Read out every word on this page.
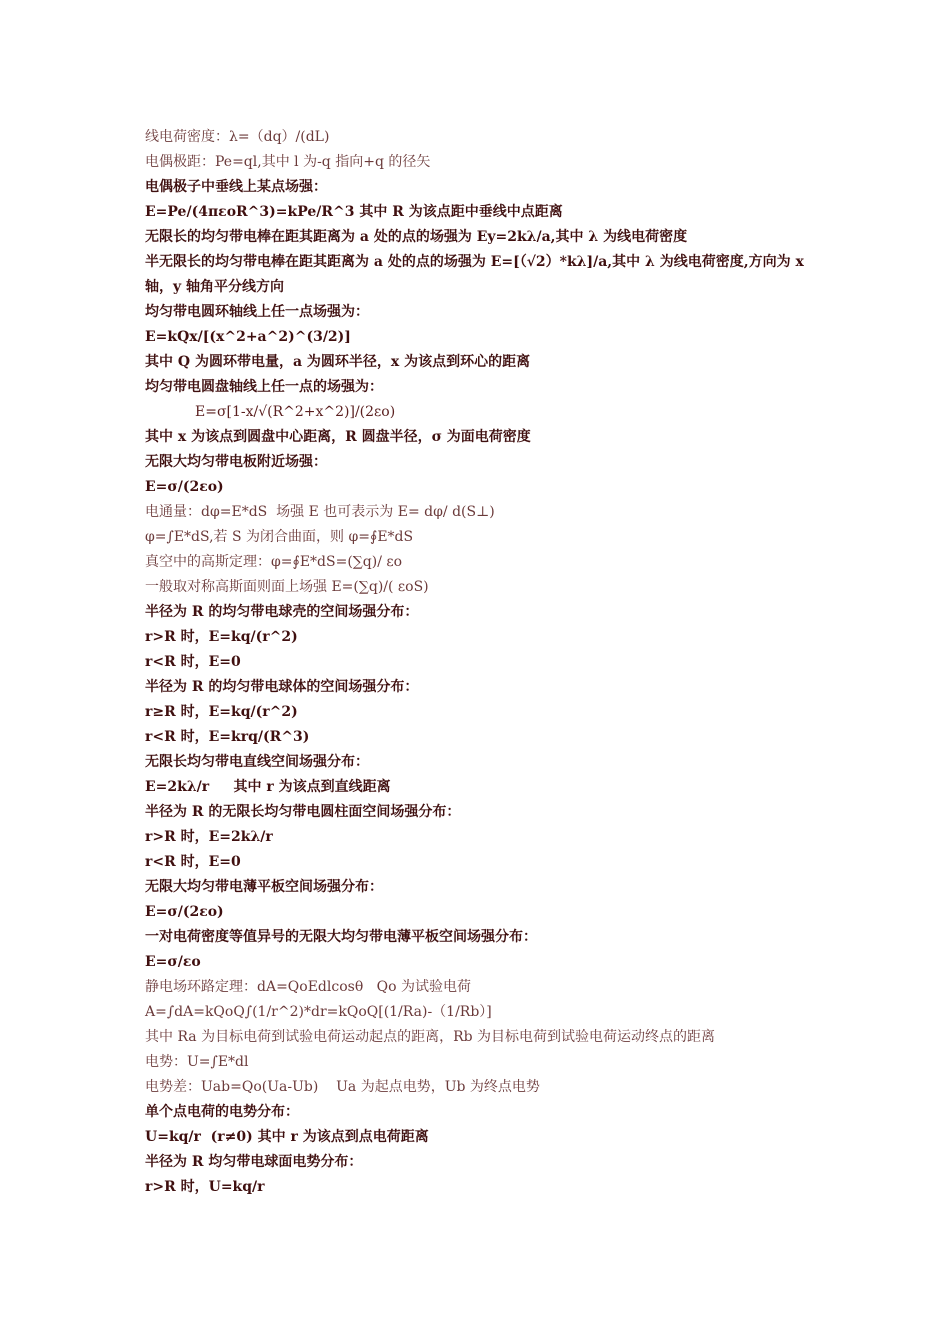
线电荷密度：λ=（dq）/(dL)

电偶极距：Pe=ql,其中 l 为-q 指向+q 的径矢

电偶极子中垂线上某点场强：

E=Pe/(4πεoR^3)=kPe/R^3 其中 R 为该点距中垂线中点距离

无限长的均匀带电棒在距其距离为 a 处的点的场强为 Ey=2kλ/a,其中 λ 为线电荷密度

半无限长的均匀带电棒在距其距离为 a 处的点的场强为 E=[（√2）*kλ]/a,其中 λ 为线电荷密度,方向为 x 轴，y 轴角平分线方向

均匀带电圆环轴线上任一点场强为：

E=kQx/[(x^2+a^2)^(3/2)]

其中 Q 为圆环带电量，a 为圆环半径，x 为该点到环心的距离

均匀带电圆盘轴线上任一点的场强为：

E=σ[1-x/√(R^2+x^2)]/(2εo)

其中 x 为该点到圆盘中心距离，R 圆盘半径，σ 为面电荷密度

无限大均匀带电板附近场强：

E=σ/(2εo)

电通量：dφ=E*dS  场强 E 也可表示为 E= dφ/ d(S⊥)

φ=∫E*dS,若 S 为闭合曲面，则 φ=∮E*dS

真空中的高斯定理：φ=∮E*dS=(∑q)/ εo

一般取对称高斯面则面上场强 E=(∑q)/( εoS)

半径为 R 的均匀带电球壳的空间场强分布：

r>R 时，E=kq/(r^2)

r<R 时，E=0

半径为 R 的均匀带电球体的空间场强分布：

r≥R 时，E=kq/(r^2)

r<R 时，E=krq/(R^3)

无限长均匀带电直线空间场强分布：

E=2kλ/r     其中 r 为该点到直线距离

半径为 R 的无限长均匀带电圆柱面空间场强分布：

r>R 时，E=2kλ/r

r<R 时，E=0

无限大均匀带电薄平板空间场强分布：

E=σ/(2εo)

一对电荷密度等值异号的无限大均匀带电薄平板空间场强分布：

E=σ/εo

静电场环路定理：dA=QoEdlcosθ   Qo 为试验电荷

A=∫dA=kQoQ∫(1/r^2)*dr=kQoQ[(1/Ra)-（1/Rb）]

其中 Ra 为目标电荷到试验电荷运动起点的距离，Rb 为目标电荷到试验电荷运动终点的距离

电势：U=∫E*dl

电势差：Uab=Qo(Ua-Ub)    Ua 为起点电势，Ub 为终点电势

单个点电荷的电势分布：

U=kq/r  (r≠0) 其中 r 为该点到点电荷距离

半径为 R 均匀带电球面电势分布：

r>R 时，U=kq/r
